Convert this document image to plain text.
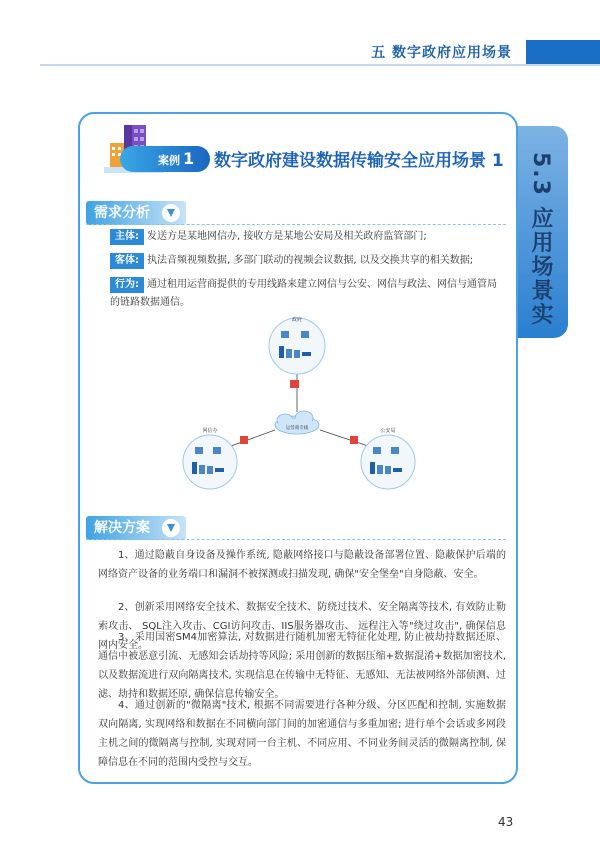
五 数字政府应用场景
5.3 应用场景实
案例 1	数字政府建设数据传输安全应用场景 1
需求分析
主体: 发送方是某地网信办, 接收方是某地公安局及相关政府监管部门;
客体: 执法音频视频数据, 多部门联动的视频会议数据, 以及交换共享的相关数据;
行为: 通过租用运营商提供的专用线路来建立网信与公安、网信与政法、网信与通管局的链路数据通信。
政府
运营商专线
网信办	公安局
解决方案
1、通过隐蔽自身设备及操作系统, 隐蔽网络接口与隐蔽设备部署位置、隐蔽保护后端的网络资产设备的业务端口和漏洞不被探测或扫描发现, 确保"安全堡垒"自身隐蔽、安全。
2、创新采用网络安全技术、数据安全技术、防绕过技术、安全隔离等技术, 有效防止勒索攻击、 SQL注入攻击、CGI访问攻击、IIS服务器攻击、 远程注入等"绕过攻击", 确保信息网内安全。
3、采用国密SM4加密算法, 对数据进行随机加密无特征化处理, 防止被劫持数据还原、通信中被恶意引流、无感知会话劫持等风险; 采用创新的数据压缩+数据混淆+数据加密技术, 以及数据流进行双向隔离技术, 实现信息在传输中无特征、无感知、无法被网络外部侦测、过滤、劫持和数据还原, 确保信息传输安全。
4、通过创新的"微隔离"技术, 根据不同需要进行各种分级、分区匹配和控制, 实施数据双向隔离, 实现网络和数据在不同横向部门间的加密通信与多重加密; 进行单个会话或多网段主机之间的微隔离与控制, 实现对同一台主机、不同应用、不同业务间灵活的微隔离控制, 保障信息在不同的范围内受控与交互。
43
